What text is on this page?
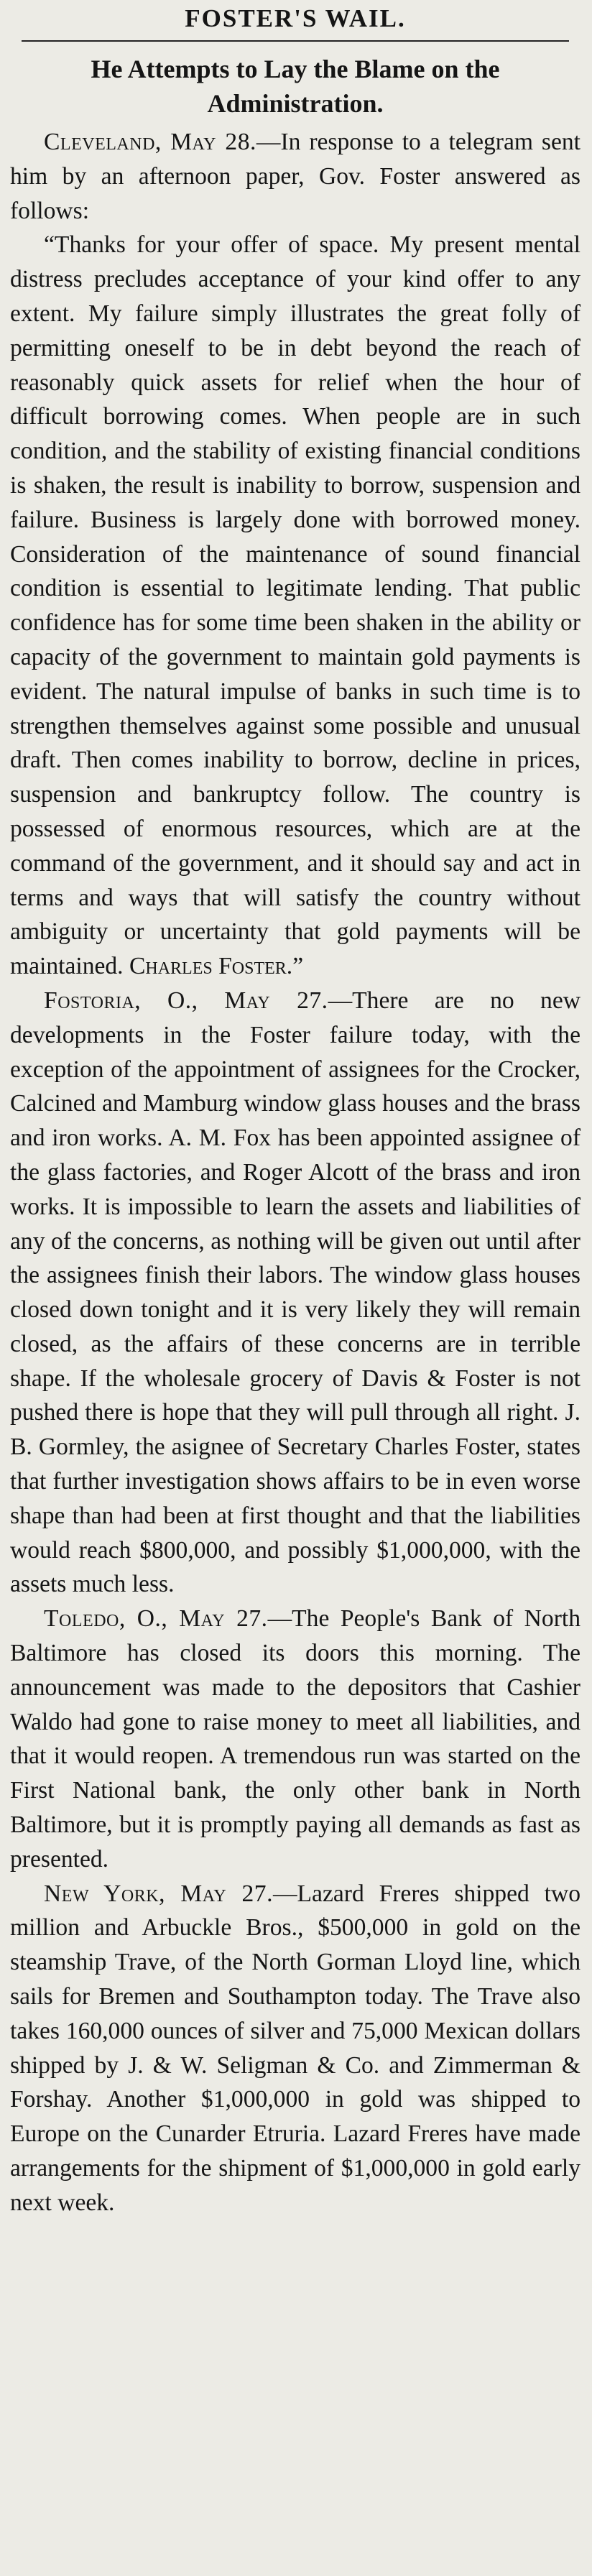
FOSTER'S WAIL.
He Attempts to Lay the Blame on the Administration.

Cleveland, May 28.—In response to a telegram sent him by an afternoon paper, Gov. Foster answered as follows:

“Thanks for your offer of space. My present mental distress precludes acceptance of your kind offer to any extent. My failure simply illustrates the great folly of permitting oneself to be in debt beyond the reach of reasonably quick assets for relief when the hour of difficult borrowing comes. When people are in such condition, and the stability of existing financial conditions is shaken, the result is inability to borrow, suspension and failure. Business is largely done with borrowed money. Consideration of the maintenance of sound financial condition is essential to legitimate lending. That public confidence has for some time been shaken in the ability or capacity of the government to maintain gold payments is evident. The natural impulse of banks in such time is to strengthen themselves against some possible and unusual draft. Then comes inability to borrow, decline in prices, suspension and bankruptcy follow. The country is possessed of enormous resources, which are at the command of the government, and it should say and act in terms and ways that will satisfy the country without ambiguity or uncertainty that gold payments will be maintained. Charles Foster.”

Fostoria, O., May 27.—There are no new developments in the Foster failure today, with the exception of the appointment of assignees for the Crocker, Calcined and Mamburg window glass houses and the brass and iron works. A. M. Fox has been appointed assignee of the glass factories, and Roger Alcott of the brass and iron works. It is impossible to learn the assets and liabilities of any of the concerns, as nothing will be given out until after the assignees finish their labors. The window glass houses closed down tonight and it is very likely they will remain closed, as the affairs of these concerns are in terrible shape. If the wholesale grocery of Davis & Foster is not pushed there is hope that they will pull through all right. J. B. Gormley, the asignee of Secretary Charles Foster, states that further investigation shows affairs to be in even worse shape than had been at first thought and that the liabilities would reach $800,000, and possibly $1,000,000, with the assets much less.

Toledo, O., May 27.—The People's Bank of North Baltimore has closed its doors this morning. The announcement was made to the depositors that Cashier Waldo had gone to raise money to meet all liabilities, and that it would reopen. A tremendous run was started on the First National bank, the only other bank in North Baltimore, but it is promptly paying all demands as fast as presented.

New York, May 27.—Lazard Freres shipped two million and Arbuckle Bros., $500,000 in gold on the steamship Trave, of the North Gorman Lloyd line, which sails for Bremen and Southampton today. The Trave also takes 160,000 ounces of silver and 75,000 Mexican dollars shipped by J. & W. Seligman & Co. and Zimmerman & Forshay. Another $1,000,000 in gold was shipped to Europe on the Cunarder Etruria. Lazard Freres have made arrangements for the shipment of $1,000,000 in gold early next week.
